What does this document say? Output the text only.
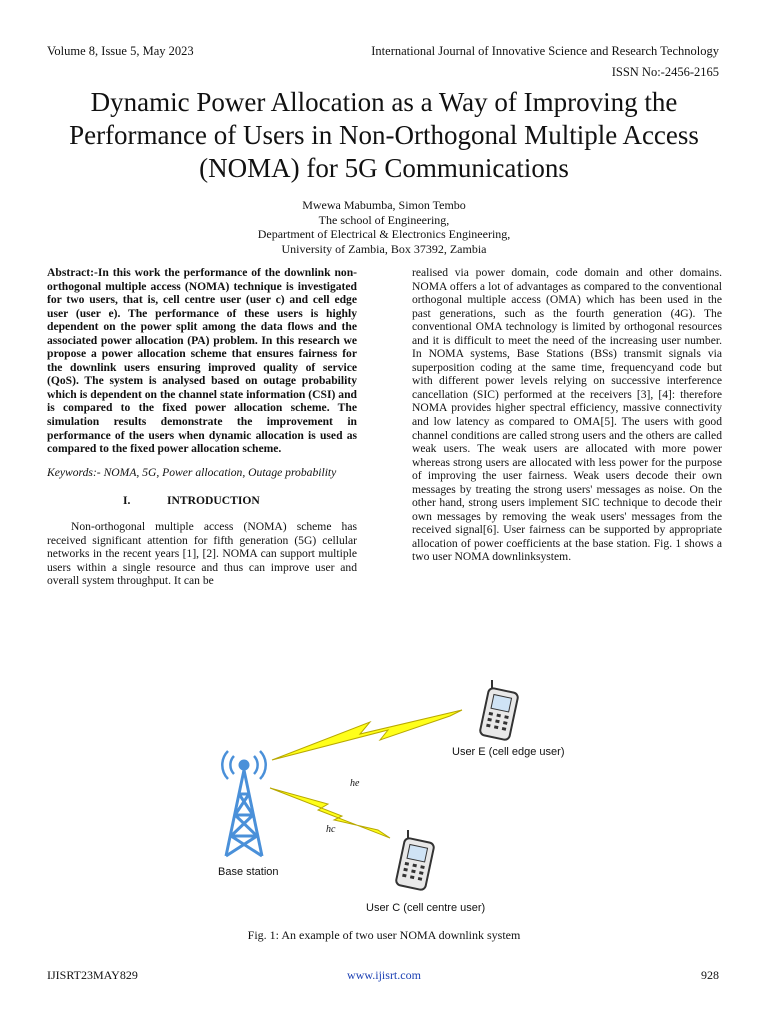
Volume 8, Issue 5, May 2023	International Journal of Innovative Science and Research Technology
ISSN No:-2456-2165
Dynamic Power Allocation as a Way of Improving the Performance of Users in Non-Orthogonal Multiple Access (NOMA) for 5G Communications
Mwewa Mabumba, Simon Tembo
The school of Engineering,
Department of Electrical & Electronics Engineering,
University of Zambia, Box 37392, Zambia

Abstract:-In this work the performance of the downlink non-orthogonal multiple access (NOMA) technique is investigated for two users, that is, cell centre user (user c) and cell edge user (user e). The performance of these users is highly dependent on the power split among the data flows and the associated power allocation (PA) problem. In this research we propose a power allocation scheme that ensures fairness for the downlink users ensuring improved quality of service (QoS). The system is analysed based on outage probability which is dependent on the channel state information (CSI) and is compared to the fixed power allocation scheme. The simulation results demonstrate the improvement in performance of the users when dynamic allocation is used as compared to the fixed power allocation scheme.

Keywords:- NOMA, 5G, Power allocation, Outage probability

I.	INTRODUCTION

Non-orthogonal multiple access (NOMA) scheme has received significant attention for fifth generation (5G) cellular networks in the recent years [1], [2]. NOMA can support multiple users within a single resource and thus can improve user and overall system throughput. It can be

realised via power domain, code domain and other domains. NOMA offers a lot of advantages as compared to the conventional orthogonal multiple access (OMA) which has been used in the past generations, such as the fourth generation (4G). The conventional OMA technology is limited by orthogonal resources and it is difficult to meet the need of the increasing user number. In NOMA systems, Base Stations (BSs) transmit signals via superposition coding at the same time, frequencyand code but with different power levels relying on successive interference cancellation (SIC) performed at the receivers [3], [4]: therefore NOMA provides higher spectral efficiency, massive connectivity and low latency as compared to OMA[5]. The users with good channel conditions are called strong users and the others are called weak users. The weak users are allocated with more power whereas strong users are allocated with less power for the purpose of improving the user fairness. Weak users decode their own messages by treating the strong users' messages as noise. On the other hand, strong users implement SIC technique to decode their own messages by removing the weak users' messages from the received signal[6]. User fairness can be supported by appropriate allocation of power coefficients at the base station. Fig. 1 shows a two user NOMA downlinksystem.

User E (cell edge user)
he
hc
Base station
User C (cell centre user)
Fig. 1: An example of two user NOMA downlink system
IJISRT23MAY829	www.ijisrt.com	928
